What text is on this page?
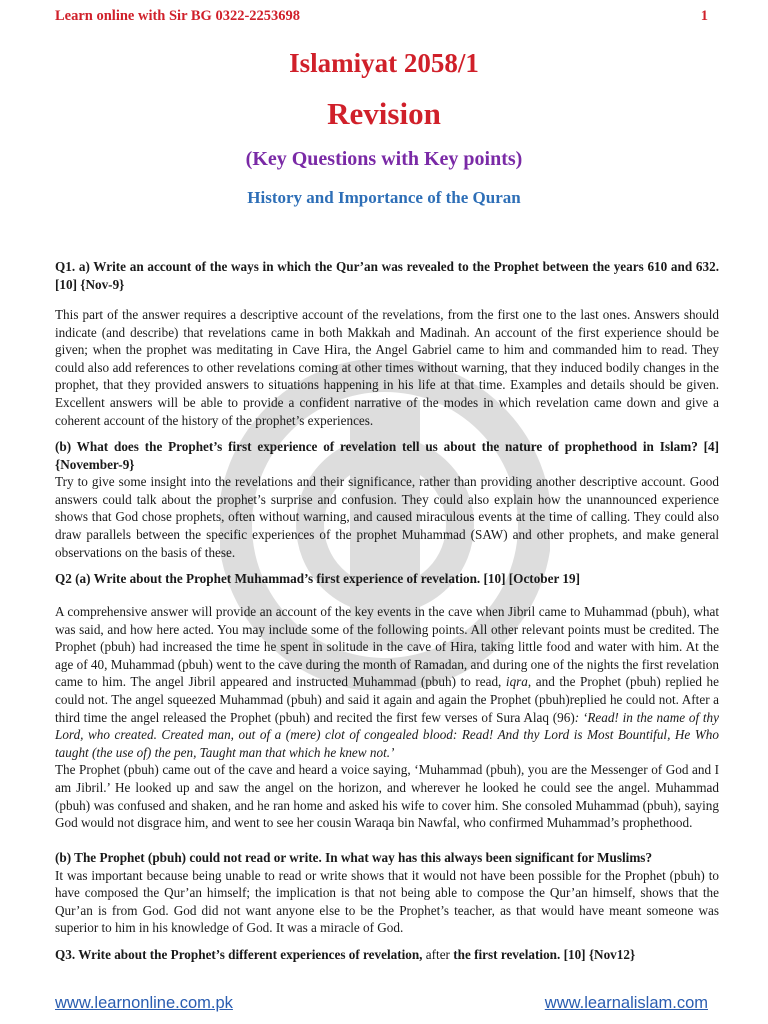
Learn online with Sir BG 0322-2253698	1
Islamiyat 2058/1
Revision
(Key Questions with Key points)
History and Importance of the Quran

Q1. a) Write an account of the ways in which the Qur’an was revealed to the Prophet between the years 610 and 632. [10] {Nov-9}

This part of the answer requires a descriptive account of the revelations, from the first one to the last ones. Answers should indicate (and describe) that revelations came in both Makkah and Madinah. An account of the first experience should be given; when the prophet was meditating in Cave Hira, the Angel Gabriel came to him and commanded him to read. They could also add references to other revelations coming at other times without warning, that they induced bodily changes in the prophet, that they provided answers to situations happening in his life at that time. Examples and details should be given. Excellent answers will be able to provide a confident narrative of the modes in which revelation came down and give a coherent account of the history of the prophet’s experiences.

(b) What does the Prophet’s first experience of revelation tell us about the nature of prophethood in Islam? [4] {November-9}

Try to give some insight into the revelations and their significance, rather than providing another descriptive account. Good answers could talk about the prophet’s surprise and confusion. They could also explain how the unannounced experience shows that God chose prophets, often without warning, and caused miraculous events at the time of calling. They could also draw parallels between the specific experiences of the prophet Muhammad (SAW) and other prophets, and make general observations on the basis of these.

Q2 (a) Write about the Prophet Muhammad’s first experience of revelation. [10] [October 19]

A comprehensive answer will provide an account of the key events in the cave when Jibril came to Muhammad (pbuh), what was said, and how here acted. You may include some of the following points. All other relevant points must be credited. The Prophet (pbuh) had increased the time he spent in solitude in the cave of Hira, taking little food and water with him. At the age of 40, Muhammad (pbuh) went to the cave during the month of Ramadan, and during one of the nights the first revelation came to him. The angel Jibril appeared and instructed Muhammad (pbuh) to read, iqra, and the Prophet (pbuh) replied he could not. The angel squeezed Muhammad (pbuh) and said it again and again the Prophet (pbuh)replied he could not. After a third time the angel released the Prophet (pbuh) and recited the first few verses of Sura Alaq (96): ‘Read! in the name of thy Lord, who created. Created man, out of a (mere) clot of congealed blood: Read! And thy Lord is Most Bountiful, He Who taught (the use of) the pen, Taught man that which he knew not.’

The Prophet (pbuh) came out of the cave and heard a voice saying, ‘Muhammad (pbuh), you are the Messenger of God and I am Jibril.’ He looked up and saw the angel on the horizon, and wherever he looked he could see the angel. Muhammad (pbuh) was confused and shaken, and he ran home and asked his wife to cover him. She consoled Muhammad (pbuh), saying God would not disgrace him, and went to see her cousin Waraqa bin Nawfal, who confirmed Muhammad’s prophethood.

(b) The Prophet (pbuh) could not read or write. In what way has this always been significant for Muslims?

It was important because being unable to read or write shows that it would not have been possible for the Prophet (pbuh) to have composed the Qur’an himself; the implication is that not being able to compose the Qur’an himself, shows that the Qur’an is from God. God did not want anyone else to be the Prophet’s teacher, as that would have meant someone was superior to him in his knowledge of God. It was a miracle of God.

Q3. Write about the Prophet’s different experiences of revelation, after the first revelation. [10] {Nov12}

www.learnonline.com.pk	www.learnalislam.com
